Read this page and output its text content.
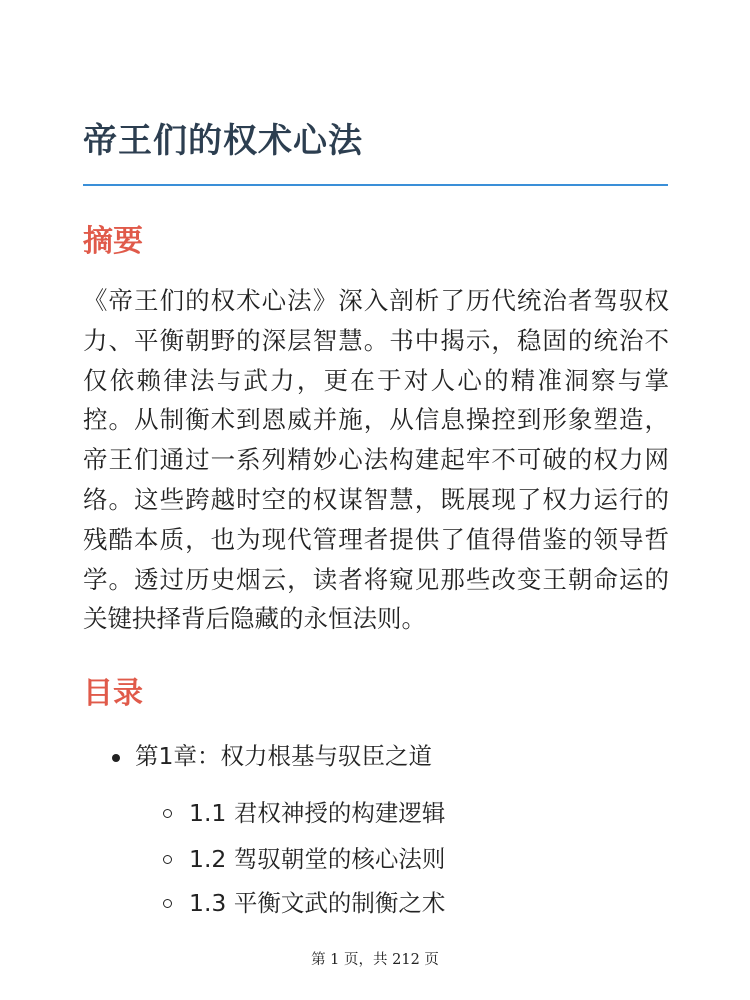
帝王们的权术心法
摘要

《帝王们的权术心法》深入剖析了历代统治者驾驭权力、平衡朝野的深层智慧。书中揭示，稳固的统治不仅依赖律法与武力，更在于对人心的精准洞察与掌控。从制衡术到恩威并施，从信息操控到形象塑造，帝王们通过一系列精妙心法构建起牢不可破的权力网络。这些跨越时空的权谋智慧，既展现了权力运行的残酷本质，也为现代管理者提供了值得借鉴的领导哲学。透过历史烟云，读者将窥见那些改变王朝命运的关键抉择背后隐藏的永恒法则。

目录
第1章：权力根基与驭臣之道
1.1 君权神授的构建逻辑
1.2 驾驭朝堂的核心法则
1.3 平衡文武的制衡之术
第 1 页，共 212 页
